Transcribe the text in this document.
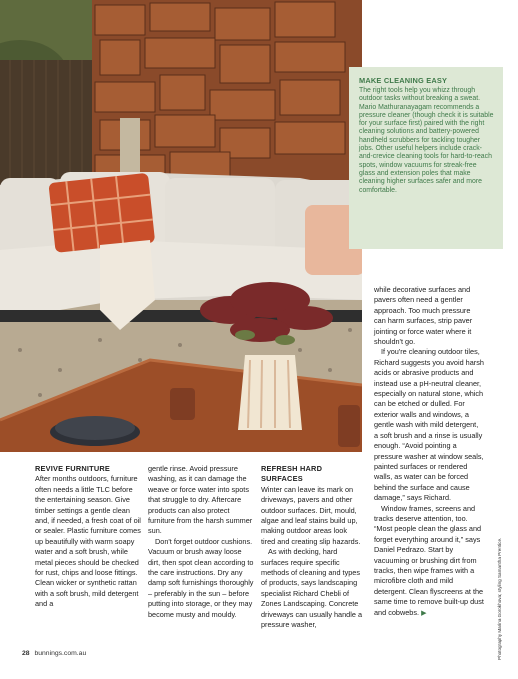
MAKE CLEANING EASY

The right tools help you whizz through outdoor tasks without breaking a sweat. Mario Mathuranayagam recommends a pressure cleaner (though check it is suitable for your surface first) paired with the right cleaning solutions and battery-powered handheld scrubbers for tackling tougher jobs. Other useful helpers include crack-and-crevice cleaning tools for hard-to-reach spots, window vacuums for streak-free glass and extension poles that make cleaning higher surfaces safer and more comfortable.

REVIVE FURNITURE

After months outdoors, furniture often needs a little TLC before the entertaining season. Give timber settings a gentle clean and, if needed, a fresh coat of oil or sealer. Plastic furniture comes up beautifully with warm soapy water and a soft brush, while metal pieces should be checked for rust, chips and loose fittings. Clean wicker or synthetic rattan with a soft brush, mild detergent and a

gentle rinse. Avoid pressure washing, as it can damage the weave or force water into spots that struggle to dry. Aftercare products can also protect furniture from the harsh summer sun.

Don't forget outdoor cushions. Vacuum or brush away loose dirt, then spot clean according to the care instructions. Dry any damp soft furnishings thoroughly – preferably in the sun – before putting into storage, or they may become musty and mouldy.

REFRESH HARD SURFACES

Winter can leave its mark on driveways, pavers and other outdoor surfaces. Dirt, mould, algae and leaf stains build up, making outdoor areas look tired and creating slip hazards.

As with decking, hard surfaces require specific methods of cleaning and types of products, says landscaping specialist Richard Chebli of Zones Landscaping. Concrete driveways can usually handle a pressure washer,

while decorative surfaces and pavers often need a gentler approach. Too much pressure can harm surfaces, strip paver jointing or force water where it shouldn't go.

If you're cleaning outdoor tiles, Richard suggests you avoid harsh acids or abrasive products and instead use a pH-neutral cleaner, especially on natural stone, which can be etched or dulled. For exterior walls and windows, a gentle wash with mild detergent, a soft brush and a rinse is usually enough. “Avoid pointing a pressure washer at window seals, painted surfaces or rendered walls, as water can be forced behind the surface and cause damage,” says Richard.

Window frames, screens and tracks deserve attention, too. “Most people clean the glass and forget everything around it,” says Daniel Pedrazo. Start by vacuuming or brushing dirt from tracks, then wipe frames with a microfibre cloth and mild detergent. Clean flyscreens at the same time to remove built-up dust and cobwebs. ▶	Photography Marina Gorokhova; styling Samantha Prentice.
28 bunnings.com.au
